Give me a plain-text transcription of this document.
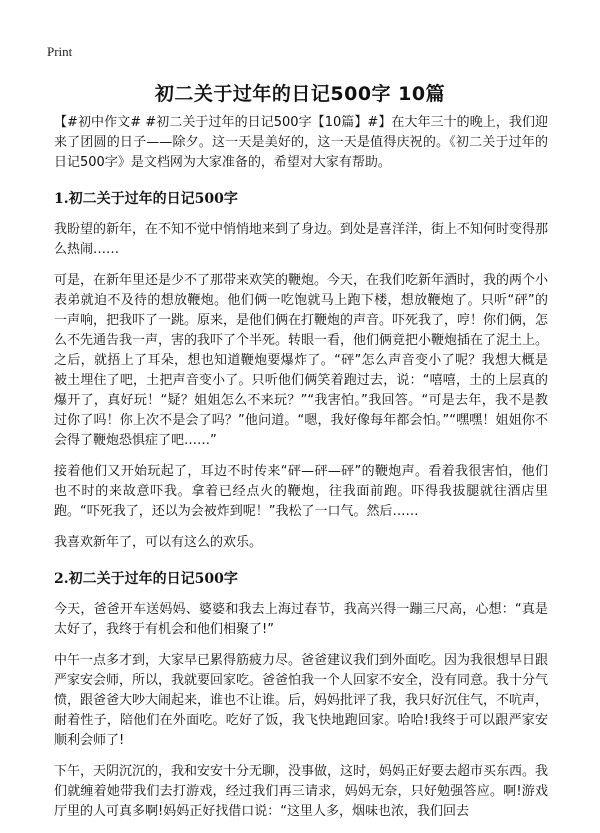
Print
初二关于过年的日记500字 10篇

【#初中作文# #初二关于过年的日记500字【10篇】#】在大年三十的晚上，我们迎来了团圆的日子——除夕。这一天是美好的，这一天是值得庆祝的。《初二关于过年的日记500字》是文档网为大家准备的，希望对大家有帮助。

1.初二关于过年的日记500字

我盼望的新年，在不知不觉中悄悄地来到了身边。到处是喜洋洋，街上不知何时变得那么热闹……

可是，在新年里还是少不了那带来欢笑的鞭炮。今天，在我们吃新年酒时，我的两个小表弟就迫不及待的想放鞭炮。他们俩一吃饱就马上跑下楼，想放鞭炮了。只听“砰”的一声响，把我吓了一跳。原来，是他们俩在打鞭炮的声音。吓死我了，哼！你们俩，怎么不先通告我一声，害的我吓了个半死。转眼一看，他们俩竟把小鞭炮插在了泥土上。之后，就捂上了耳朵，想也知道鞭炮要爆炸了。“砰”怎么声音变小了呢？我想大概是被土埋住了吧，土把声音变小了。只听他们俩笑着跑过去，说：“嘻嘻，土的上层真的爆开了，真好玩！“疑？姐姐怎么不来玩？”“我害怕。”我回答。“可是去年，我不是教过你了吗！你上次不是会了吗？”他问道。“嗯，我好像每年都会怕。”“嘿嘿！姐姐你不会得了鞭炮恐惧症了吧……”

接着他们又开始玩起了，耳边不时传来“砰—砰—砰”的鞭炮声。看着我很害怕，他们也不时的来故意吓我。拿着已经点火的鞭炮，往我面前跑。吓得我拔腿就往酒店里跑。“吓死我了，还以为会被炸到呢！”我松了一口气。然后……

我喜欢新年了，可以有这么的欢乐。

2.初二关于过年的日记500字

今天，爸爸开车送妈妈、婆婆和我去上海过春节，我高兴得一蹦三尺高，心想：“真是太好了，我终于有机会和他们相聚了!”

中午一点多才到，大家早已累得筋疲力尽。爸爸建议我们到外面吃。因为我很想早日跟严家安会师，所以，我就要回家吃。爸爸怕我一个人回家不安全，没有同意。我十分气愤，跟爸爸大吵大闹起来，谁也不让谁。后，妈妈批评了我，我只好沉住气，不吭声，耐着性子，陪他们在外面吃。吃好了饭，我飞快地跑回家。哈哈!我终于可以跟严家安顺利会师了!

下午，天阴沉沉的，我和安安十分无聊，没事做，这时，妈妈正好要去超市买东西。我们就缠着她带我们去打游戏，经过我们再三请求，妈妈无奈，只好勉强答应。啊!游戏厅里的人可真多啊!妈妈正好找借口说：“这里人多，烟味也浓，我们回去
